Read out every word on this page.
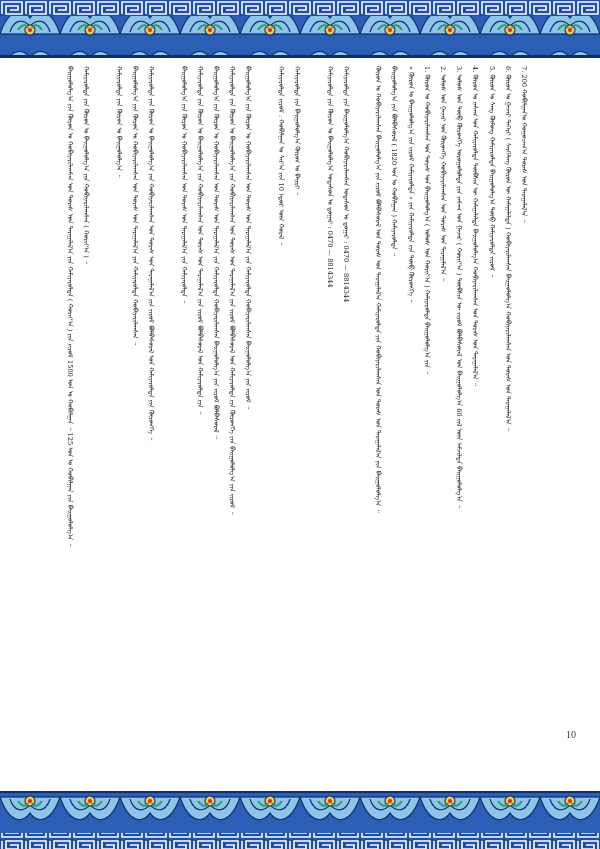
7. 200 ᠬᠣᠪᠢᠯᠭᠠᠨ᠎ᠤ ᠬᠤᠭᠤᠴᠠᠭ᠎ᠠ ᠳᠤᠷᠠᠰ ᠤᠨ ᠳᠠᠷᠠᠭᠠᠯᠠᠯ᠎ᠠ ᠃
6. ᠬᠦᠷᠦᠨ ᠤ ᠭᠠᠵᠠᠷ ᠲᠡᠭᠡᠷᠢ ( ᠰᠡᠷᠭᠡᠯᠡᠩ ᠬᠦᠷᠦᠨ ᠦ ᠬᠠᠮᠠᠭᠠᠯᠠᠯᠲᠠ ) ᠬᠤᠪᠢᠶᠠᠷᠢᠯᠠᠭᠰᠠᠨ ᠪᠠᠢᠭᠤᠯᠤᠯᠭ᠎ᠠ ᠬᠤᠪᠢᠶᠠᠷᠢᠯᠠᠭᠰᠠᠨ ᠤᠨ ᠳᠤᠷᠠᠰ ᠤᠨ ᠳᠠᠷᠠᠭᠠᠯᠠᠯ᠎ᠠ ᠃
5. ᠬᠦᠷᠦᠨ ᠤ ᠰᠠᠩ ᠬᠥᠮᠥᠩ ᠬᠠᠮᠢᠶᠠᠷᠤᠯᠲᠠ ᠪᠠᠢᠭᠤᠯᠤᠯᠭ᠎ᠠ ᠲᠦᠪ ᠬᠠᠮᠢᠶᠠᠷᠤᠯᠲᠠ ᠵᠢᠷᠤᠮ ᠃
4. ᠬᠦᠷᠦᠨ ᠤ ᠵᠠᠰᠠᠭ ᠤᠨ ᠬᠠᠮᠢᠶᠠᠷᠤᠯᠲᠠ ᠲᠦᠪᠰᠢᠨ ᠦ ᠬᠠᠮᠠᠭᠠᠯᠠᠯᠲᠠ ᠪᠠᠢᠭᠤᠯᠤᠯᠭ᠎ᠠ ᠬᠤᠪᠢᠶᠠᠷᠢᠯᠠᠭᠰᠠᠨ ᠤᠨ ᠳᠤᠷᠠᠰ ᠤᠨ ᠳᠠᠷᠠᠭᠠᠯᠠᠯ᠎ᠠ ᠃
3. ᠤᠯᠤᠰ ᠤᠨ ᠲᠦᠪ ᠬᠦᠷᠦᠩᠭᠡ ᠤᠷᠤᠭᠤᠯᠤᠯᠲᠠ ᠶᠢᠨ ᠵᠠᠰᠠᠭ ᠤᠨ ᠭᠠᠵᠠᠷ ( ᠬᠤᠷᠢᠶ᠎ᠠ ) ᠲᠦᠪᠰᠢᠨ ᠦ ᠵᠢᠷᠤᠮ ᠪᠣᠯᠪᠠᠰᠤᠷᠠᠯ ᠤᠨ ᠪᠠᠢᠭᠤᠯᠤᠯᠭ᠎ᠠ 60 ᠵᠢᠯ ᠦᠨ ᠠᠮᠵᠢᠯᠲᠠ ᠪᠠᠢᠭᠤᠯᠤᠯᠭ᠎ᠠ ᠃
2. ᠤᠯᠤᠰ ᠤᠨ ᠭᠠᠵᠠᠷ ᠤᠨ ᠬᠦᠷᠦᠩᠭᠡ ᠬᠤᠪᠢᠶᠠᠷᠢᠯᠠᠭᠰᠠᠨ ᠤᠨ ᠳᠤᠷᠠᠰ ᠤᠨ ᠳᠠᠷᠠᠭᠠᠯᠠᠯ᠎ᠠ ᠃
1. ᠬᠦᠷᠦᠨ ᠤ ᠬᠤᠪᠢᠶᠠᠷᠢᠯᠠᠭᠰᠠᠨ ᠤᠨ ᠳᠤᠷᠠᠰ ᠤᠨ ᠪᠠᠢᠭᠤᠯᠤᠯᠭ᠎ᠠ ( ᠤᠯᠤᠰ ᠤᠨ ᠬᠤᠷᠢᠶ᠎ᠠ ) ᠬᠠᠮᠢᠶᠠᠷᠤᠯᠲᠠ ᠪᠠᠢᠭᠤᠯᠤᠯᠭ᠎ᠠ ᠶᠢᠨ ᠃
« ᠬᠦᠷᠦᠨ ᠤ ᠪᠠᠢᠭᠤᠯᠤᠯᠭ᠎ᠠ ᠶᠢᠨ ᠵᠢᠷᠤᠮ ᠬᠠᠮᠢᠶᠠᠷᠤᠯᠲᠠ » ᠶᠢᠨ ᠬᠠᠮᠢᠶᠠᠷᠤᠯᠲᠠ ᠶᠢᠨ ᠲᠦᠪ ᠬᠦᠷᠦᠩᠭᠡ ᠃
ᠪᠠᠢᠭᠤᠯᠤᠯᠭ᠎ᠠ ᠶᠢᠨ ᠪᠣᠯᠪᠠᠰᠤᠷᠠᠯ ( 1820 ᠣᠨ ᠤ ᠬᠤᠪᠢᠯᠭᠠᠨ ) ᠬᠠᠮᠢᠶᠠᠷᠤᠯᠲᠠ ᠃
ᠬᠦᠷᠦᠨ ᠤ ᠬᠤᠪᠢᠶᠠᠷᠢᠯᠠᠭᠰᠠᠨ ᠪᠠᠢᠭᠤᠯᠤᠯᠭ᠎ᠠ ᠶᠢᠨ ᠵᠢᠷᠤᠮ ᠪᠣᠯᠪᠠᠰᠤᠷᠠᠯ ᠤᠨ ᠳᠤᠷᠠᠰ ᠤᠨ ᠳᠠᠷᠠᠭᠠᠯᠠᠯ᠎ᠠ ᠬᠠᠮᠢᠶᠠᠷᠤᠯᠲᠠ ᠶᠢᠨ ᠬᠤᠪᠢᠶᠠᠷᠢᠯᠠᠭᠰᠠᠨ ᠤᠨ ᠳᠤᠷᠠᠰ ᠤᠨ ᠳᠠᠷᠠᠭᠠᠯᠠᠯ᠎ᠠ ᠶᠢᠨ ᠪᠠᠢᠭᠤᠯᠤᠯᠭ᠎ᠠ ᠃
ᠬᠠᠮᠢᠶᠠᠷᠤᠯᠲᠠ ᠶᠢᠨ ᠪᠠᠢᠭᠤᠯᠤᠯᠭ᠎ᠠ ᠬᠤᠪᠢᠶᠠᠷᠢᠯᠠᠭᠰᠠᠨ ᠤᠲᠠᠰᠤᠨ ᠤ ᠳ᠋ᠤᠭᠠᠷ : 0470 — 8814344
ᠬᠠᠮᠢᠶᠠᠷᠤᠯᠲᠠ ᠶᠢᠨ ᠬᠦᠷᠦᠨ ᠤ ᠪᠠᠢᠭᠤᠯᠤᠯᠭ᠎ᠠ ᠤᠲᠠᠰᠤᠨ ᠤ ᠳ᠋ᠤᠭᠠᠷ : 0470 — 8814344
ᠬᠠᠮᠢᠶᠠᠷᠤᠯᠲᠠ ᠶᠢᠨ ᠪᠠᠢᠭᠤᠯᠤᠯᠭ᠎ᠠ ᠬᠦᠷᠦᠨ ᠤ ᠪᠠᠢᠷᠢ ᠃
ᠬᠠᠮᠢᠶᠠᠷᠤᠯᠲᠠ ᠵᠢᠷᠤᠮ : ᠬᠤᠪᠢᠯᠭᠠᠨ ᠤ ᠰᠠᠷ᠎ᠠ ᠶᠢᠨ 10 ᠡᠳᠦᠷ ᠦᠨ ᠬᠤᠷᠠᠯ ᠃
ᠪᠠᠢᠭᠤᠯᠤᠯᠭ᠎ᠠ ᠶᠢᠨ ᠬᠦᠷᠦᠨ ᠤ ᠬᠤᠪᠢᠶᠠᠷᠢᠯᠠᠭᠰᠠᠨ ᠤᠨ ᠳᠤᠷᠠᠰ ᠤᠨ ᠳᠠᠷᠠᠭᠠᠯᠠᠯ᠎ᠠ ᠶᠢᠨ ᠬᠠᠮᠢᠶᠠᠷᠤᠯᠲᠠ ᠬᠤᠪᠢᠶᠠᠷᠢᠯᠠᠭᠰᠠᠨ ᠪᠠᠢᠭᠤᠯᠤᠯᠭ᠎ᠠ ᠶᠢᠨ ᠵᠢᠷᠤᠮ ᠃
ᠬᠠᠮᠢᠶᠠᠷᠤᠯᠲᠠ ᠶᠢᠨ ᠬᠦᠷᠦᠨ ᠤ ᠪᠠᠢᠭᠤᠯᠤᠯᠭ᠎ᠠ ᠶᠢᠨ ᠬᠤᠪᠢᠶᠠᠷᠢᠯᠠᠭᠰᠠᠨ ᠤᠨ ᠳᠤᠷᠠᠰ ᠤᠨ ᠳᠠᠷᠠᠭᠠᠯᠠᠯ᠎ᠠ ᠶᠢᠨ ᠵᠢᠷᠤᠮ ᠪᠣᠯᠪᠠᠰᠤᠷᠠᠯ ᠤᠨ ᠬᠠᠮᠢᠶᠠᠷᠤᠯᠲᠠ ᠶᠢᠨ ᠬᠦᠷᠦᠩᠭᠡ ᠶᠢᠨ ᠪᠠᠢᠭᠤᠯᠤᠯᠭ᠎ᠠ ᠶᠢᠨ ᠵᠢᠷᠤᠮ ᠃
ᠪᠠᠢᠭᠤᠯᠤᠯᠭ᠎ᠠ ᠶᠢᠨ ᠬᠦᠷᠦᠨ ᠤ ᠬᠤᠪᠢᠶᠠᠷᠢᠯᠠᠭᠰᠠᠨ ᠤᠨ ᠳᠤᠷᠠᠰ ᠤᠨ ᠳᠠᠷᠠᠭᠠᠯᠠᠯ᠎ᠠ ᠶᠢᠨ ᠬᠠᠮᠢᠶᠠᠷᠤᠯᠲᠠ ᠬᠤᠪᠢᠶᠠᠷᠢᠯᠠᠭᠰᠠᠨ ᠪᠠᠢᠭᠤᠯᠤᠯᠭ᠎ᠠ ᠶᠢᠨ ᠵᠢᠷᠤᠮ ᠪᠣᠯᠪᠠᠰᠤᠷᠠᠯ ᠃
ᠬᠠᠮᠢᠶᠠᠷᠤᠯᠲᠠ ᠶᠢᠨ ᠬᠦᠷᠦᠨ ᠤ ᠪᠠᠢᠭᠤᠯᠤᠯᠭ᠎ᠠ ᠶᠢᠨ ᠬᠤᠪᠢᠶᠠᠷᠢᠯᠠᠭᠰᠠᠨ ᠤᠨ ᠳᠤᠷᠠᠰ ᠤᠨ ᠳᠠᠷᠠᠭᠠᠯᠠᠯ᠎ᠠ ᠶᠢᠨ ᠵᠢᠷᠤᠮ ᠪᠣᠯᠪᠠᠰᠤᠷᠠᠯ ᠤᠨ ᠬᠠᠮᠢᠶᠠᠷᠤᠯᠲᠠ ᠶᠢᠨ ᠃
ᠪᠠᠢᠭᠤᠯᠤᠯᠭ᠎ᠠ ᠶᠢᠨ ᠬᠦᠷᠦᠨ ᠤ ᠬᠤᠪᠢᠶᠠᠷᠢᠯᠠᠭᠰᠠᠨ ᠤᠨ ᠳᠤᠷᠠᠰ ᠤᠨ ᠳᠠᠷᠠᠭᠠᠯᠠᠯ᠎ᠠ ᠶᠢᠨ ᠬᠠᠮᠢᠶᠠᠷᠤᠯᠲᠠ ᠃
ᠬᠠᠮᠢᠶᠠᠷᠤᠯᠲᠠ ᠶᠢᠨ ᠬᠦᠷᠦᠨ ᠤ ᠪᠠᠢᠭᠤᠯᠤᠯᠭ᠎ᠠ ᠶᠢᠨ ᠬᠤᠪᠢᠶᠠᠷᠢᠯᠠᠭᠰᠠᠨ ᠤᠨ ᠳᠤᠷᠠᠰ ᠤᠨ ᠳᠠᠷᠠᠭᠠᠯᠠᠯ᠎ᠠ ᠶᠢᠨ ᠵᠢᠷᠤᠮ ᠪᠣᠯᠪᠠᠰᠤᠷᠠᠯ ᠤᠨ ᠬᠠᠮᠢᠶᠠᠷᠤᠯᠲᠠ ᠶᠢᠨ ᠬᠦᠷᠦᠩᠭᠡ ᠃
ᠪᠠᠢᠭᠤᠯᠤᠯᠭ᠎ᠠ ᠶᠢᠨ ᠬᠦᠷᠦᠨ ᠤ ᠬᠤᠪᠢᠶᠠᠷᠢᠯᠠᠭᠰᠠᠨ ᠤᠨ ᠳᠤᠷᠠᠰ ᠤᠨ ᠳᠠᠷᠠᠭᠠᠯᠠᠯ᠎ᠠ ᠶᠢᠨ ᠬᠠᠮᠢᠶᠠᠷᠤᠯᠲᠠ ᠬᠤᠪᠢᠶᠠᠷᠢᠯᠠᠭᠰᠠᠨ ᠃
ᠬᠠᠮᠢᠶᠠᠷᠤᠯᠲᠠ ᠶᠢᠨ ᠬᠦᠷᠦᠨ ᠤ ᠪᠠᠢᠭᠤᠯᠤᠯᠭ᠎ᠠ ᠃
ᠬᠠᠮᠢᠶᠠᠷᠤᠯᠲᠠ ᠶᠢᠨ ᠬᠦᠷᠦᠨ ᠤ ᠪᠠᠢᠭᠤᠯᠤᠯᠭ᠎ᠠ ᠶᠢᠨ ᠬᠤᠪᠢᠶᠠᠷᠢᠯᠠᠭᠰᠠᠨ ( ᠬᠤᠷᠢᠶ᠎ᠠ ) ᠃
ᠪᠠᠢᠭᠤᠯᠤᠯᠭ᠎ᠠ ᠶᠢᠨ ᠬᠦᠷᠦᠨ ᠤ ᠬᠤᠪᠢᠶᠠᠷᠢᠯᠠᠭᠰᠠᠨ ᠤᠨ ᠳᠤᠷᠠᠰ ᠤᠨ ᠳᠠᠷᠠᠭᠠᠯᠠᠯ᠎ᠠ ᠶᠢᠨ ᠬᠠᠮᠢᠶᠠᠷᠤᠯᠲᠠ ( ᠬᠤᠷᠢᠶ᠎ᠠ ) ᠶᠢᠨ ᠵᠢᠷᠤᠮ 1500 ᠣᠨ ᠤ ᠬᠤᠪᠢᠯᠭᠠᠨ ᠃ 125 ᠣᠨ ᠤ ᠬᠤᠪᠢᠯᠭᠠᠨ ᠶᠢᠨ ᠪᠠᠢᠭᠤᠯᠤᠯᠭ᠎ᠠ ᠃
10
